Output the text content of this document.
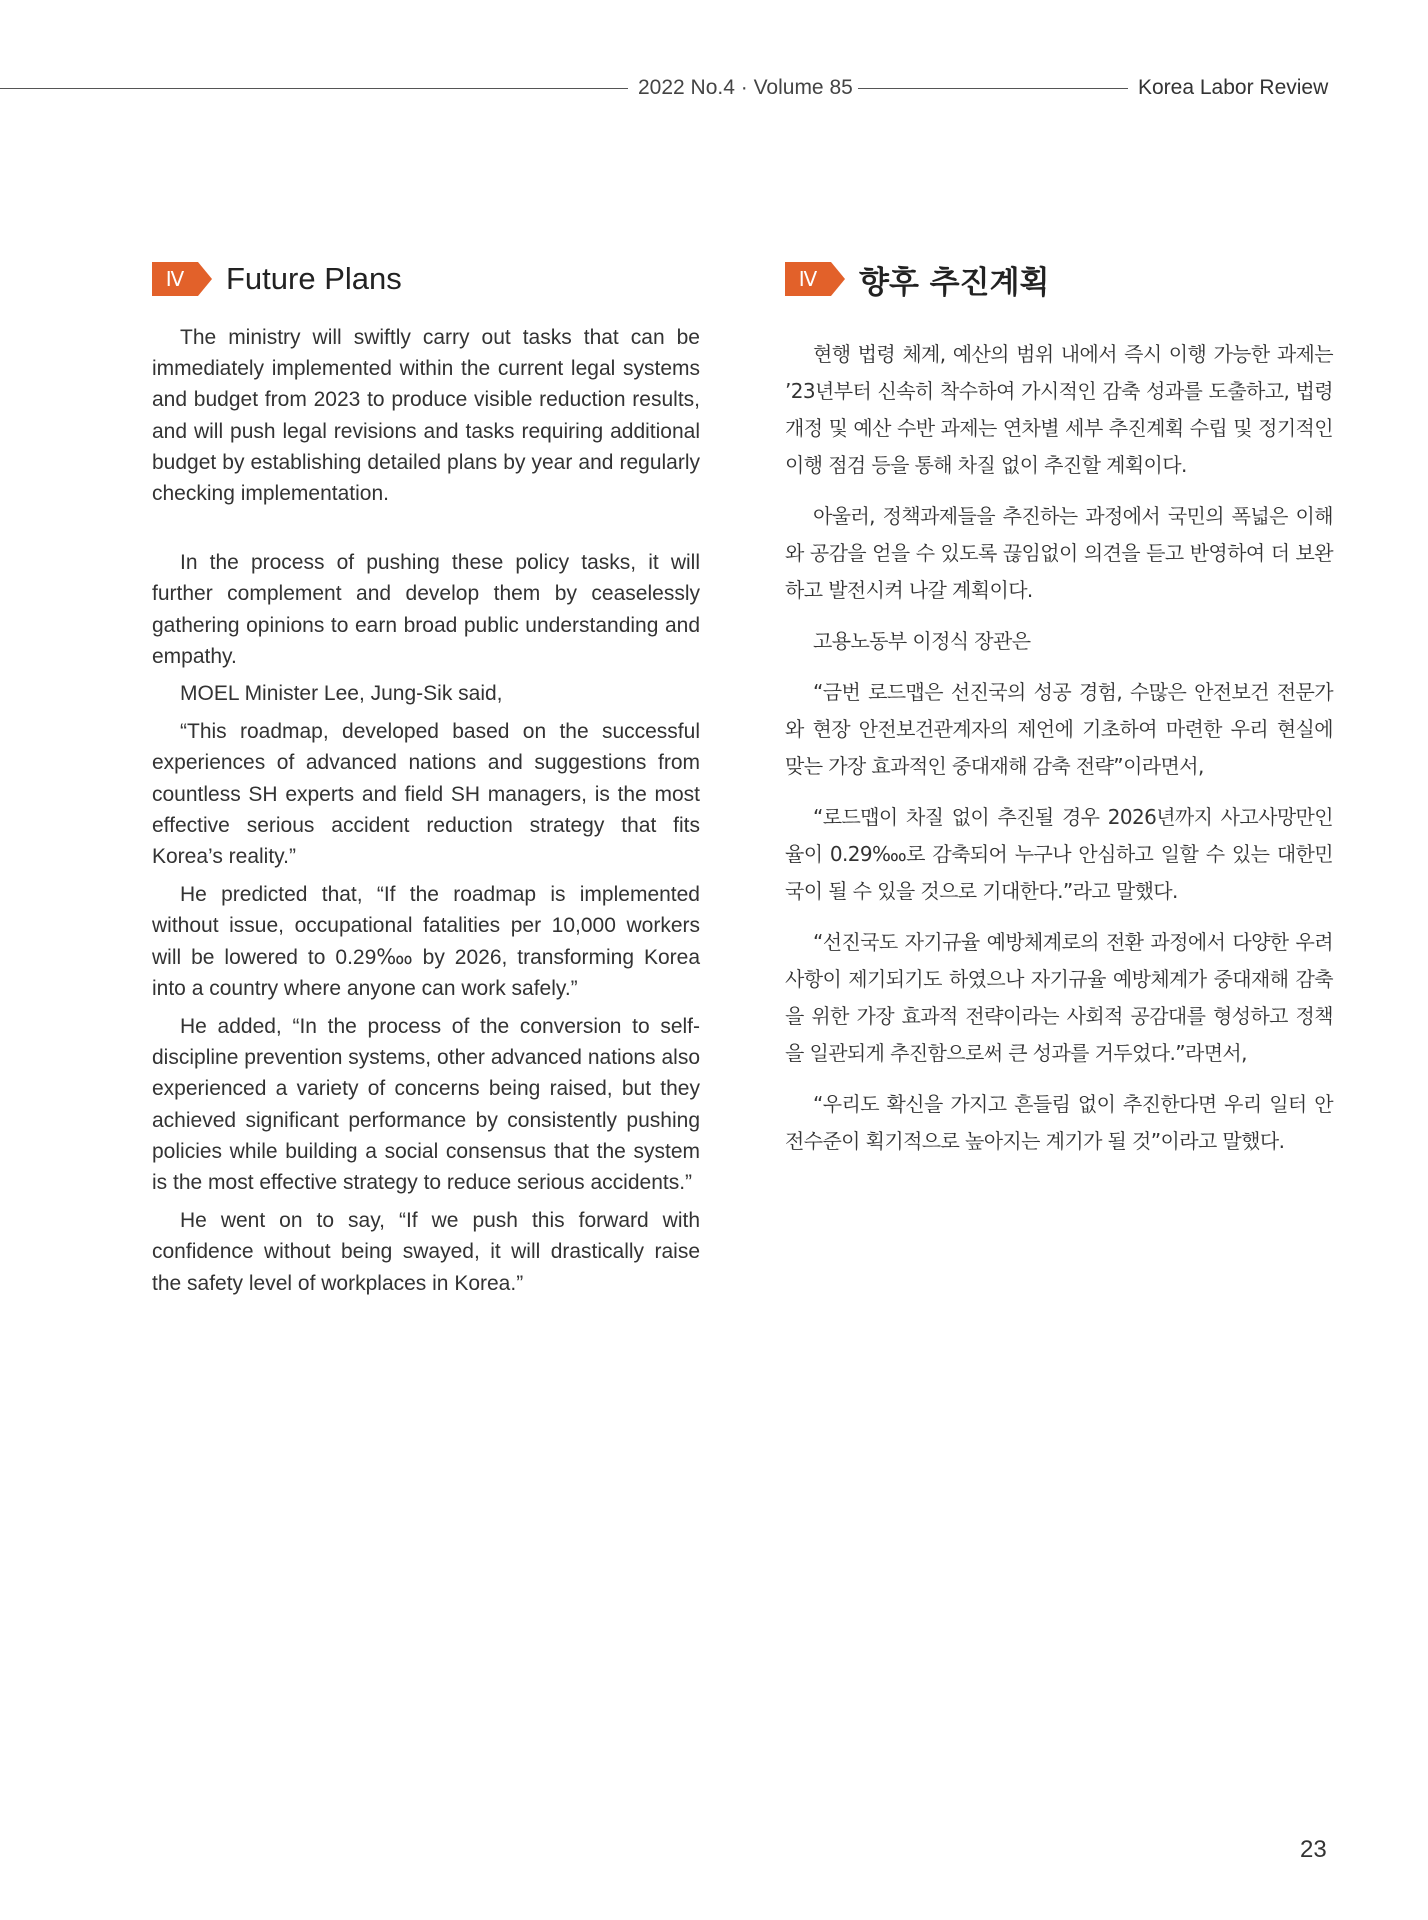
2022 No.4 · Volume 85	Korea Labor Review
Ⅳ	Future Plans

The ministry will swiftly carry out tasks that can be immediately implemented within the current legal systems and budget from 2023 to produce visible reduction results, and will push legal revisions and tasks requiring additional budget by establishing detailed plans by year and regularly checking implementation.

In the process of pushing these policy tasks, it will further complement and develop them by ceaselessly gathering opinions to earn broad public understanding and empathy.

MOEL Minister Lee, Jung-Sik said,

“This roadmap, developed based on the successful experiences of advanced nations and suggestions from countless SH experts and field SH managers, is the most effective serious accident reduction strategy that fits Korea’s reality.”

He predicted that, “If the roadmap is implemented without issue, occupational fatalities per 10,000 workers will be lowered to 0.29‱ by 2026, transforming Korea into a country where anyone can work safely.”

He added, “In the process of the conversion to self-discipline prevention systems, other advanced nations also experienced a variety of concerns being raised, but they achieved significant performance by consistently pushing policies while building a social consensus that the system is the most effective strategy to reduce serious accidents.”

He went on to say, “If we push this forward with confidence without being swayed, it will drastically raise the safety level of workplaces in Korea.”

Ⅳ	향후 추진계획

현행 법령 체계, 예산의 범위 내에서 즉시 이행 가능한 과제는 ’23년부터 신속히 착수하여 가시적인 감축 성과를 도출하고, 법령 개정 및 예산 수반 과제는 연차별 세부 추진계획 수립 및 정기적인 이행 점검 등을 통해 차질 없이 추진할 계획이다.

아울러, 정책과제들을 추진하는 과정에서 국민의 폭넓은 이해와 공감을 얻을 수 있도록 끊임없이 의견을 듣고 반영하여 더 보완하고 발전시켜 나갈 계획이다.

고용노동부 이정식 장관은

“금번 로드맵은 선진국의 성공 경험, 수많은 안전보건 전문가와 현장 안전보건관계자의 제언에 기초하여 마련한 우리 현실에 맞는 가장 효과적인 중대재해 감축 전략”이라면서,

“로드맵이 차질 없이 추진될 경우 2026년까지 사고사망만인율이 0.29‱로 감축되어 누구나 안심하고 일할 수 있는 대한민국이 될 수 있을 것으로 기대한다.”라고 말했다.

“선진국도 자기규율 예방체계로의 전환 과정에서 다양한 우려사항이 제기되기도 하였으나 자기규율 예방체계가 중대재해 감축을 위한 가장 효과적 전략이라는 사회적 공감대를 형성하고 정책을 일관되게 추진함으로써 큰 성과를 거두었다.”라면서,

“우리도 확신을 가지고 흔들림 없이 추진한다면 우리 일터 안전수준이 획기적으로 높아지는 계기가 될 것”이라고 말했다.

23
